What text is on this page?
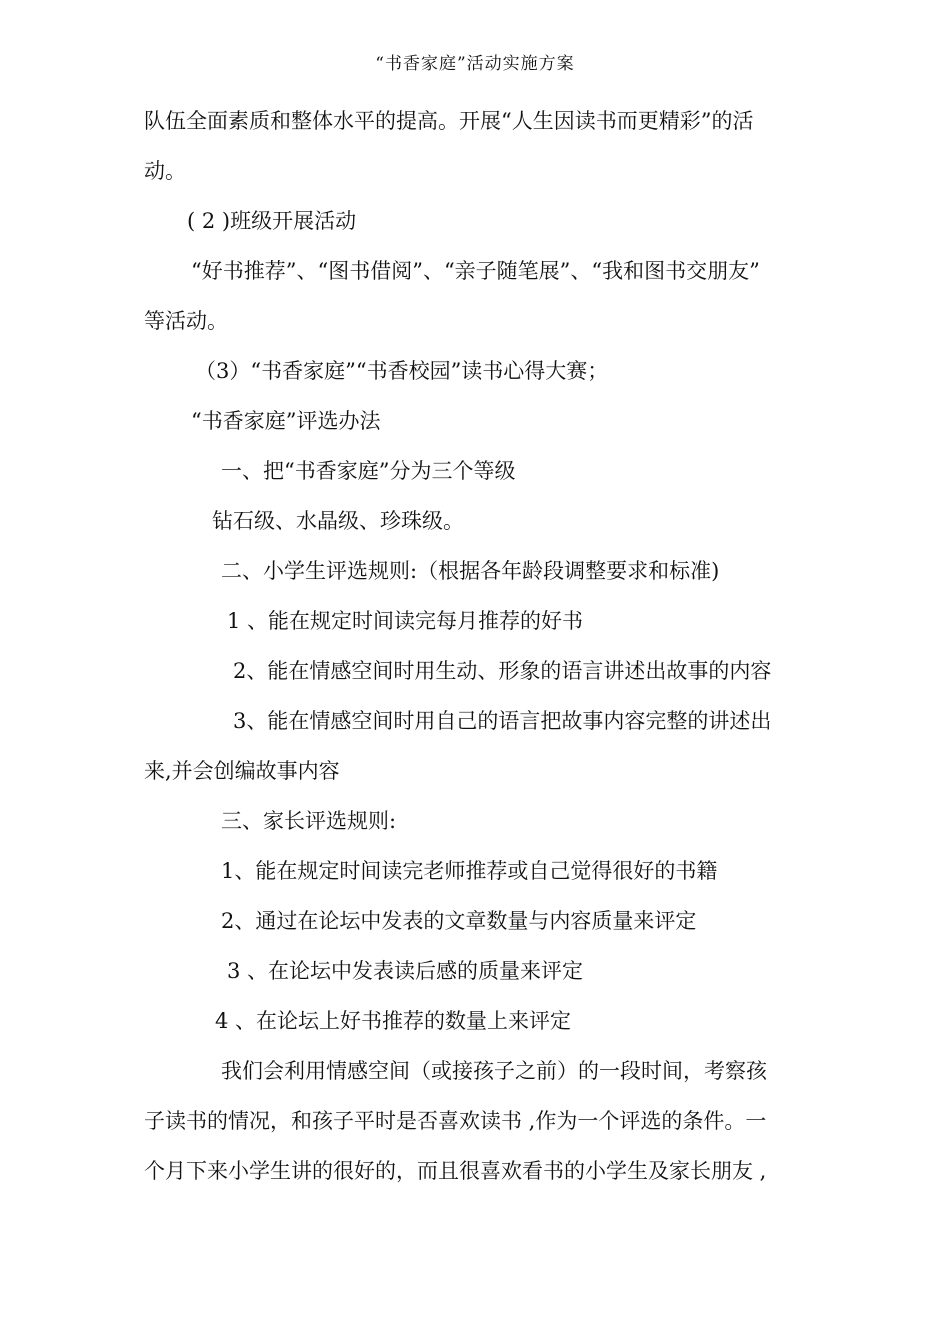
“书香家庭”活动实施方案
队伍全面素质和整体水平的提高。开展“人生因读书而更精彩”的活
动。
( 2 )班级开展活动
“好书推荐”、“图书借阅”、“亲子随笔展”、“我和图书交朋友”
等活动。
（3）“书香家庭”“书香校园”读书心得大赛；
“书香家庭”评选办法
一、把“书香家庭”分为三个等级
钻石级、水晶级、珍珠级。
二、小学生评选规则:（根据各年龄段调整要求和标准)
1 、能在规定时间读完每月推荐的好书
2、能在情感空间时用生动、形象的语言讲述出故事的内容
3、能在情感空间时用自己的语言把故事内容完整的讲述出
来,并会创编故事内容
三、家长评选规则:
1、能在规定时间读完老师推荐或自己觉得很好的书籍
2、通过在论坛中发表的文章数量与内容质量来评定
3 、在论坛中发表读后感的质量来评定
4 、在论坛上好书推荐的数量上来评定
我们会利用情感空间（或接孩子之前）的一段时间，考察孩
子读书的情况，和孩子平时是否喜欢读书 ,作为一个评选的条件。一
个月下来小学生讲的很好的，而且很喜欢看书的小学生及家长朋友 ,
